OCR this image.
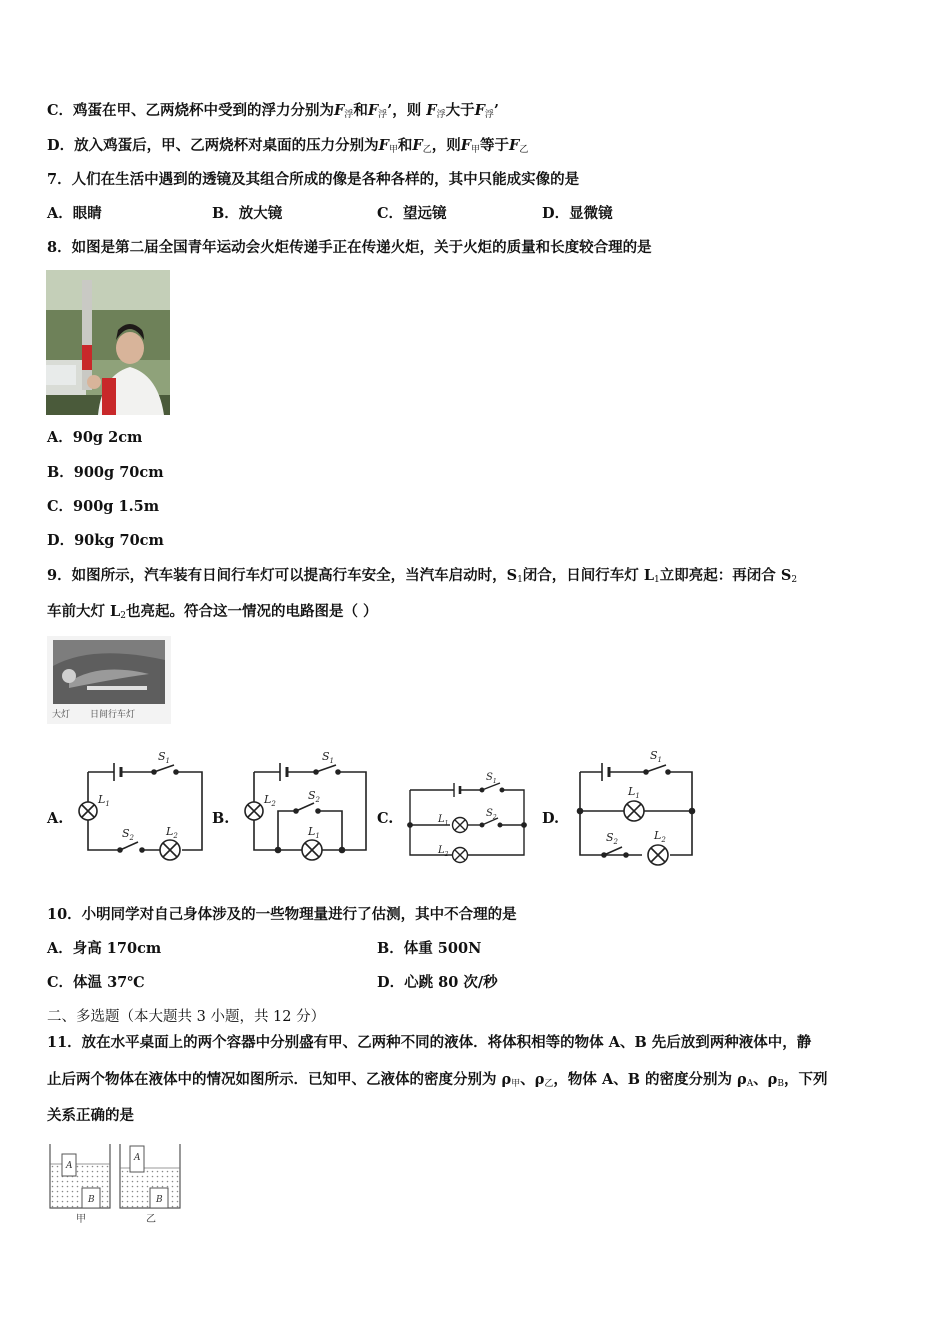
C．鸡蛋在甲、乙两烧杯中受到的浮力分别为$F_浮$和$F_浮$’，则 $F_浮$大于$F_浮$’
D．放入鸡蛋后，甲、乙两烧杯对桌面的压力分别为$F_甲$和$F_乙$，则$F_甲$等于$F_乙$
7．人们在生活中遇到的透镜及其组合所成的像是各种各样的，其中只能成实像的是
A．眼睛	B．放大镜	C．望远镜	D．显微镜
8．如图是第二届全国青年运动会火炬传递手正在传递火炬，关于火炬的质量和长度较合理的是
A．90g 2cm
B．900g 70cm
C．900g 1.5m
D．90kg 70cm
9．如图所示，汽车装有日间行车灯可以提高行车安全，当汽车启动时，$S_1$闭合，日间行车灯 $L_1$立即亮起：再闭合 $S_2$
车前大灯 $L_2$也亮起。符合这一情况的电路图是（ ）
大灯 日间行车灯
A.	B.	C.	D.
$S_1$
$L_1$
$S_2$	$L_2$
$S_1$
$L_2$
$S_2$
$L_1$
$S_1$
$L_1$
$S_2$
$L_2$
$S_1$
$L_1$
$S_2$	$L_2$
10．小明同学对自己身体涉及的一些物理量进行了估测，其中不合理的是
A．身高 170cm	B．体重 500N
C．体温 37℃	D．心跳 80 次/秒
二、多选题（本大题共 3 小题，共 12 分）
11．放在水平桌面上的两个容器中分别盛有甲、乙两种不同的液体．将体积相等的物体 A、B 先后放到两种液体中，静
止后两个物体在液体中的情况如图所示．已知甲、乙液体的密度分别为 $\rho_甲$、$\rho_乙$，物体 A、B 的密度分别为 $\rho_A$、$\rho_B$，下列
关系正确的是
A
B
A
B
甲	乙
